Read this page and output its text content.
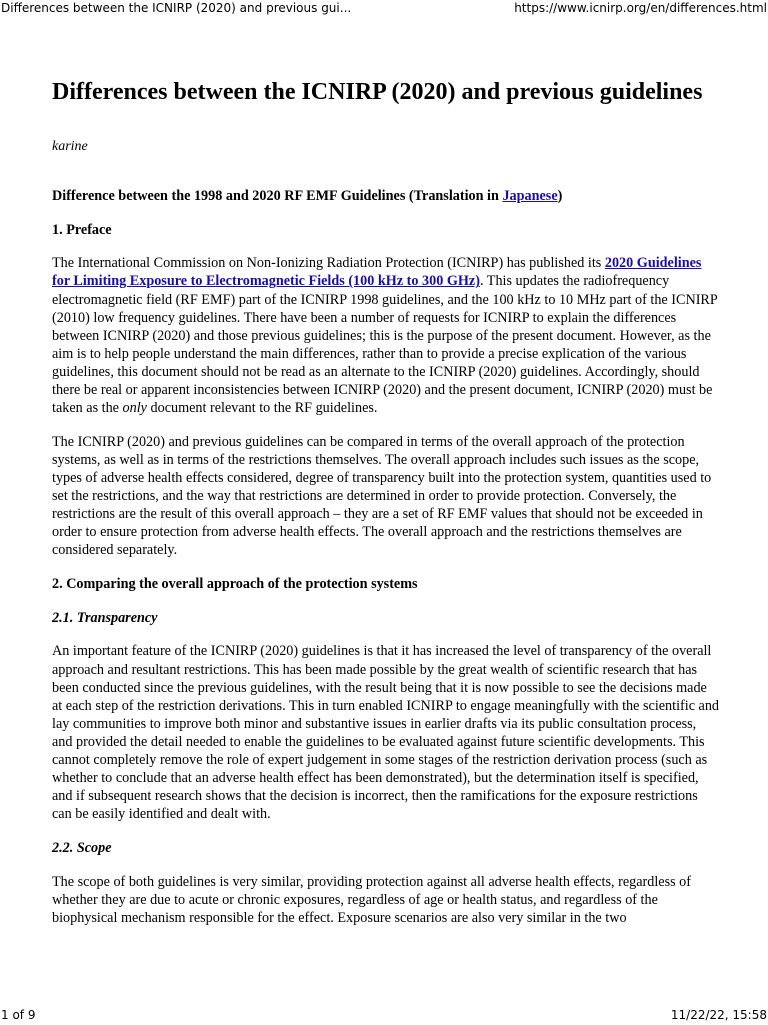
Differences between the ICNIRP (2020) and previous gui...	https://www.icnirp.org/en/differences.html
Differences between the ICNIRP (2020) and previous guidelines
karine

Difference between the 1998 and 2020 RF EMF Guidelines (Translation in Japanese)

1. Preface

The International Commission on Non-Ionizing Radiation Protection (ICNIRP) has published its 2020 Guidelines for Limiting Exposure to Electromagnetic Fields (100 kHz to 300 GHz). This updates the radiofrequency electromagnetic field (RF EMF) part of the ICNIRP 1998 guidelines, and the 100 kHz to 10 MHz part of the ICNIRP (2010) low frequency guidelines. There have been a number of requests for ICNIRP to explain the differences between ICNIRP (2020) and those previous guidelines; this is the purpose of the present document. However, as the aim is to help people understand the main differences, rather than to provide a precise explication of the various guidelines, this document should not be read as an alternate to the ICNIRP (2020) guidelines. Accordingly, should there be real or apparent inconsistencies between ICNIRP (2020) and the present document, ICNIRP (2020) must be taken as the only document relevant to the RF guidelines.

The ICNIRP (2020) and previous guidelines can be compared in terms of the overall approach of the protection systems, as well as in terms of the restrictions themselves. The overall approach includes such issues as the scope, types of adverse health effects considered, degree of transparency built into the protection system, quantities used to set the restrictions, and the way that restrictions are determined in order to provide protection. Conversely, the restrictions are the result of this overall approach – they are a set of RF EMF values that should not be exceeded in order to ensure protection from adverse health effects. The overall approach and the restrictions themselves are considered separately.

2. Comparing the overall approach of the protection systems

2.1. Transparency

An important feature of the ICNIRP (2020) guidelines is that it has increased the level of transparency of the overall approach and resultant restrictions. This has been made possible by the great wealth of scientific research that has been conducted since the previous guidelines, with the result being that it is now possible to see the decisions made at each step of the restriction derivations. This in turn enabled ICNIRP to engage meaningfully with the scientific and lay communities to improve both minor and substantive issues in earlier drafts via its public consultation process, and provided the detail needed to enable the guidelines to be evaluated against future scientific developments. This cannot completely remove the role of expert judgement in some stages of the restriction derivation process (such as whether to conclude that an adverse health effect has been demonstrated), but the determination itself is specified, and if subsequent research shows that the decision is incorrect, then the ramifications for the exposure restrictions can be easily identified and dealt with.

2.2. Scope

The scope of both guidelines is very similar, providing protection against all adverse health effects, regardless of whether they are due to acute or chronic exposures, regardless of age or health status, and regardless of the biophysical mechanism responsible for the effect. Exposure scenarios are also very similar in the two

1 of 9	11/22/22, 15:58
